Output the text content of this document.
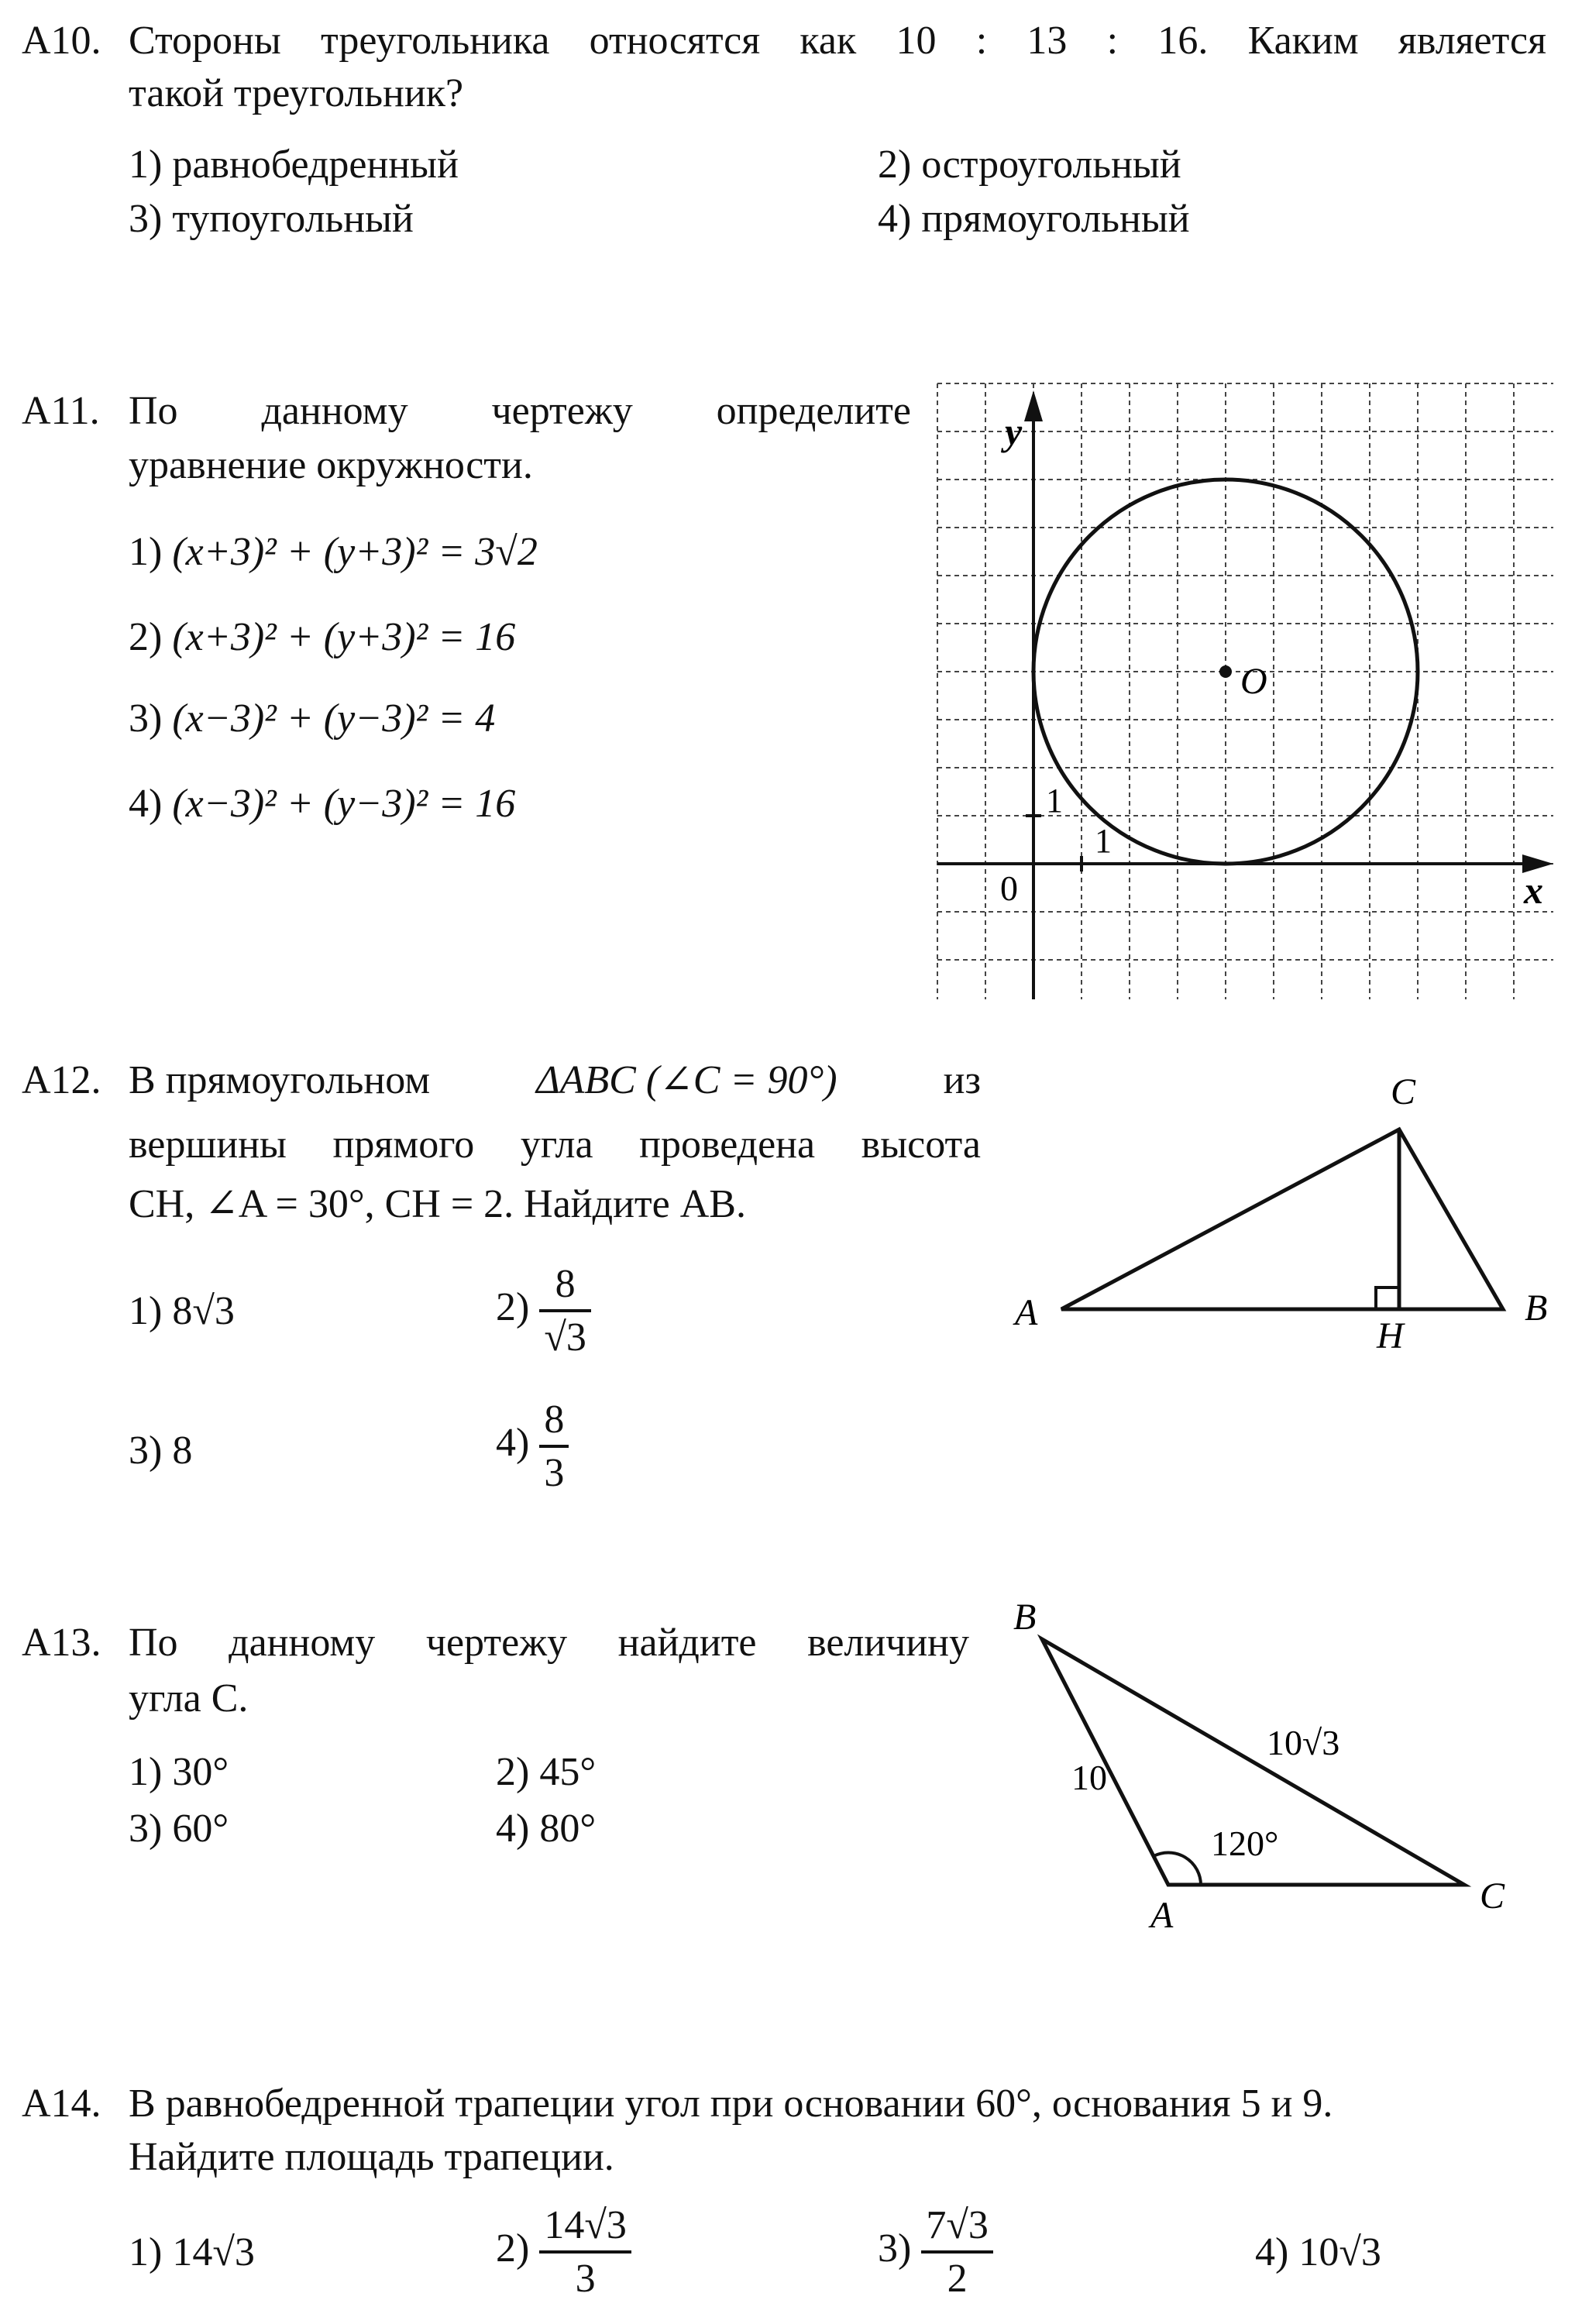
A10. Стороны треугольника относятся как 10 : 13 : 16. Каким является
такой треугольник?
1) равнобедренный	2) остроугольный
3) тупоугольный	4) прямоугольный
A11. По данному чертежу определите
уравнение окружности.
1) (x+3)² + (y+3)² = 3√2
2) (x+3)² + (y+3)² = 16
3) (x−3)² + (y−3)² = 4
4) (x−3)² + (y−3)² = 16
y
x
0
O
1
1
A12. В прямоугольном	ΔABC (∠C = 90°)	из
вершины прямого угла проведена высота
CH, ∠A = 30°, CH = 2. Найдите AB.
1) 8√3	$2) \frac{8}{√3}$
3) 8	$4) \frac{8}{3}$
A	B
C
H
A13. По данному чертежу найдите величину
угла C.
1) 30°	2) 45°
3) 60°	4) 80°
B
A	C
10
10√3
120°
A14. В равнобедренной трапеции угол при основании 60°, основания 5 и 9.
Найдите площадь трапеции.
1) 14√3	$2) \frac{14√3}{3}$	$3) \frac{7√3}{2}$	4) 10√3
